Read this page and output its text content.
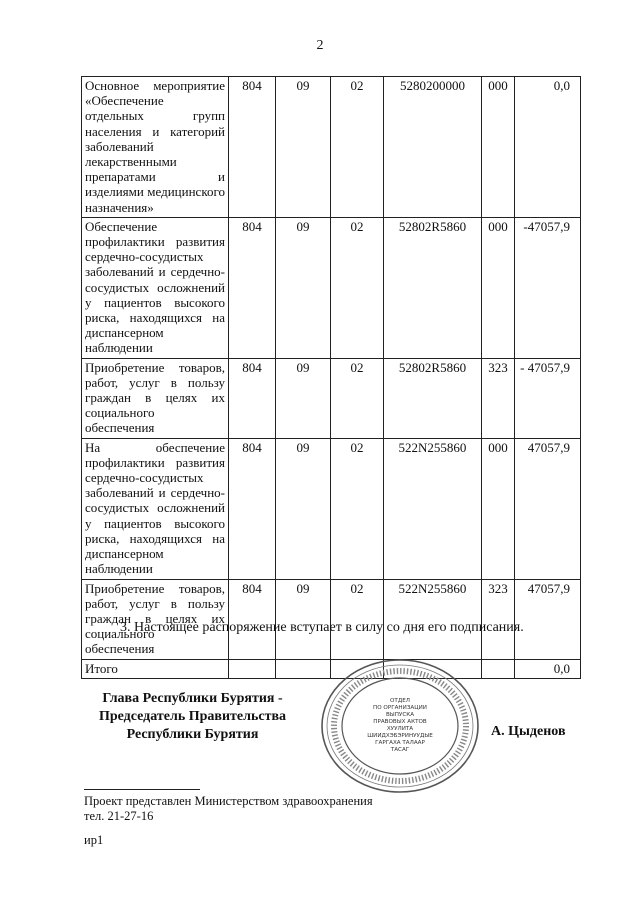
2
Основное мероприятие «Обеспечение отдельных групп населения и категорий заболеваний лекарственными препаратами и изделиями медицинского назначения»	804	09	02	5280200000	000	0,0
Обеспечение профилактики развития сердечно-сосудистых заболеваний и сердечно-сосудистых осложнений у пациентов высокого риска, находящихся на диспансерном наблюдении	804	09	02	52802R5860	000	-47057,9
Приобретение товаров, работ, услуг в пользу граждан в целях их социального обеспечения	804	09	02	52802R5860	323	- 47057,9
На обеспечение профилактики развития сердечно-сосудистых заболеваний и сердечно-сосудистых осложнений у пациентов высокого риска, находящихся на диспансерном наблюдении	804	09	02	522N255860	000	47057,9
Приобретение товаров, работ, услуг в пользу граждан в целях их социального обеспечения	804	09	02	522N255860	323	47057,9
Итого						0,0
3. Настоящее распоряжение вступает в силу со дня его подписания.
Глава Республики Бурятия -
Председатель Правительства
Республики Бурятия
ОТДЕЛ
ПО ОРГАНИЗАЦИИ
ВЫПУСКА
ПРАВОВЫХ АКТОВ
ХУУЛИТА
ШИИДХЭБЭРИНУУДЫЕ
ГАРГАХА ТАЛААР
ТАСАГ
А. Цыденов
Проект представлен Министерством здравоохранения
тел. 21-27-16
ир1
